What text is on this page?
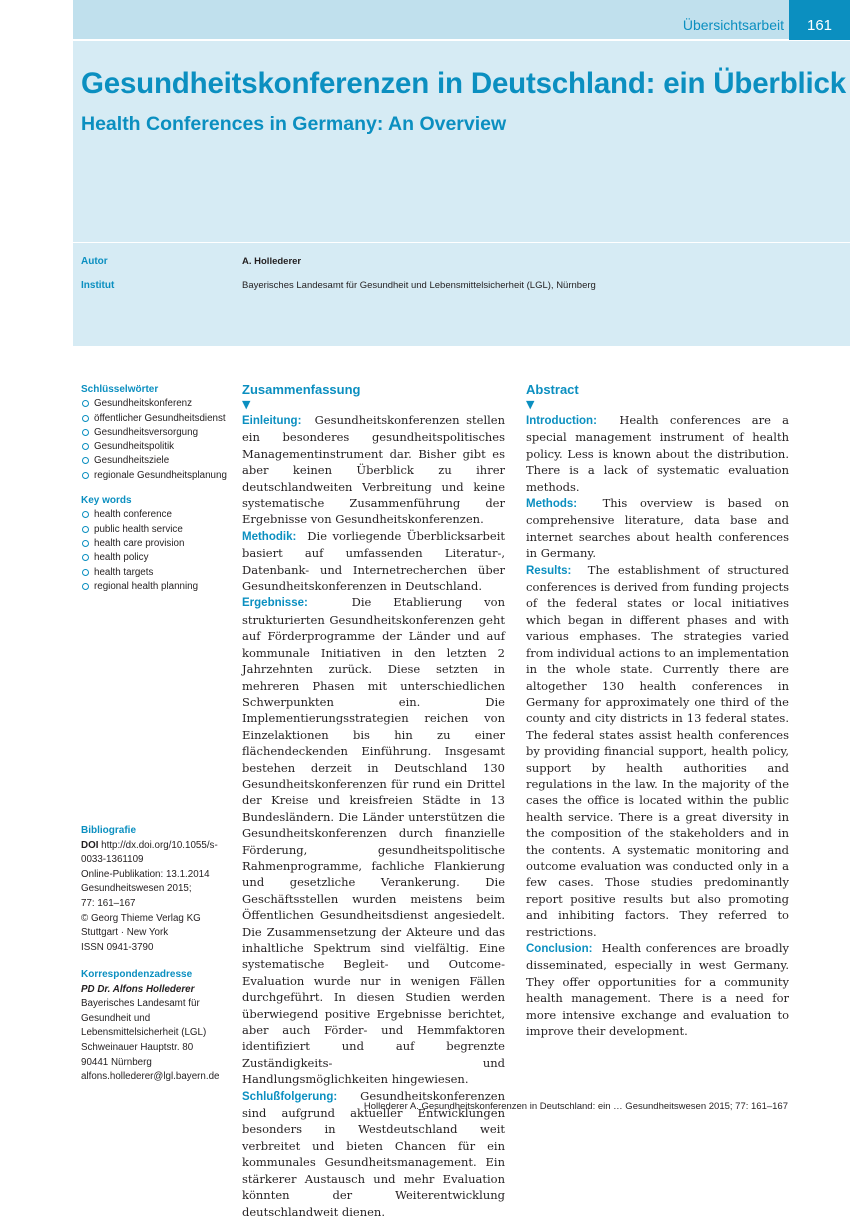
Übersichtsarbeit	161
Gesundheitskonferenzen in Deutschland: ein Überblick
Health Conferences in Germany: An Overview
Autor	A. Hollederer
Institut	Bayerisches Landesamt für Gesundheit und Lebensmittelsicherheit (LGL), Nürnberg
Schlüsselwörter
Gesundheitskonferenz
öffentlicher Gesundheitsdienst
Gesundheitsversorgung
Gesundheitspolitik
Gesundheitsziele
regionale Gesundheitsplanung
Key words
health conference
public health service
health care provision
health policy
health targets
regional health planning
Bibliografie
DOI http://dx.doi.org/10.1055/s-0033-1361109
Online-Publikation: 13.1.2014
Gesundheitswesen 2015;
77: 161–167
© Georg Thieme Verlag KG
Stuttgart · New York
ISSN 0941-3790
Korrespondenzadresse
PD Dr. Alfons Hollederer
Bayerisches Landesamt für Gesundheit und Lebensmittelsicherheit (LGL)
Schweinauer Hauptstr. 80
90441 Nürnberg
alfons.hollederer@lgl.bayern.de
Zusammenfassung
▼

Einleitung: Gesundheitskonferenzen stellen ein besonderes gesundheitspolitisches Managementinstrument dar. Bisher gibt es aber keinen Überblick zu ihrer deutschlandweiten Verbreitung und keine systematische Zusammenführung der Ergebnisse von Gesundheitskonferenzen.

Methodik: Die vorliegende Überblicksarbeit basiert auf umfassenden Literatur-, Datenbank- und Internetrecherchen über Gesundheitskonferenzen in Deutschland.

Ergebnisse:	Die Etablierung von strukturierten Gesundheitskonferenzen geht auf Förderprogramme der Länder und auf kommunale Initiativen in den letzten 2 Jahrzehnten zurück. Diese setzten in mehreren Phasen mit unterschiedlichen Schwerpunkten ein. Die Implementierungsstrategien reichen von Einzelaktionen bis hin zu einer flächendeckenden Einführung. Insgesamt bestehen derzeit in Deutschland 130 Gesundheitskonferenzen für rund ein Drittel der Kreise und kreisfreien Städte in 13 Bundesländern. Die Länder unterstützen die Gesundheitskonferenzen durch finanzielle Förderung, gesundheitspolitische Rahmenprogramme, fachliche Flankierung und gesetzliche Verankerung. Die Geschäftsstellen wurden meistens beim Öffentlichen Gesundheitsdienst angesiedelt. Die Zusammensetzung der Akteure und das inhaltliche Spektrum sind vielfältig. Eine systematische Begleit- und Outcome-Evaluation wurde nur in wenigen Fällen durchgeführt. In diesen Studien werden überwiegend positive Ergebnisse berichtet, aber auch Förder- und Hemmfaktoren identifiziert und auf begrenzte Zuständigkeits- und Handlungsmöglichkeiten hingewiesen.

Schlußfolgerung: Gesundheitskonferenzen sind aufgrund aktueller Entwicklungen besonders in Westdeutschland weit verbreitet und bieten Chancen für ein kommunales Gesundheitsmanagement. Ein stärkerer Austausch und mehr Evaluation könnten der Weiterentwicklung deutschlandweit dienen.

Abstract
▼

Introduction: Health conferences are a special management instrument of health policy. Less is known about the distribution. There is a lack of systematic evaluation methods.

Methods: This overview is based on comprehensive literature, data base and internet searches about health conferences in Germany.

Results: The establishment of structured conferences is derived from funding projects of the federal states or local initiatives which began in different phases and with various emphases. The strategies varied from individual actions to an implementation in the whole state. Currently there are altogether 130 health conferences in Germany for approximately one third of the county and city districts in 13 federal states. The federal states assist health conferences by providing financial support, health policy, support by health authorities and regulations in the law. In the majority of the cases the office is located within the public health service. There is a great diversity in the composition of the stakeholders and in the contents. A systematic monitoring and outcome evaluation was conducted only in a few cases. Those studies predominantly report positive results but also promoting and inhibiting factors. They referred to restrictions.

Conclusion: Health conferences are broadly disseminated, especially in west Germany. They offer opportunities for a community health management. There is a need for more intensive exchange and evaluation to improve their development.

Hollederer A. Gesundheitskonferenzen in Deutschland: ein … Gesundheitswesen 2015; 77: 161–167
